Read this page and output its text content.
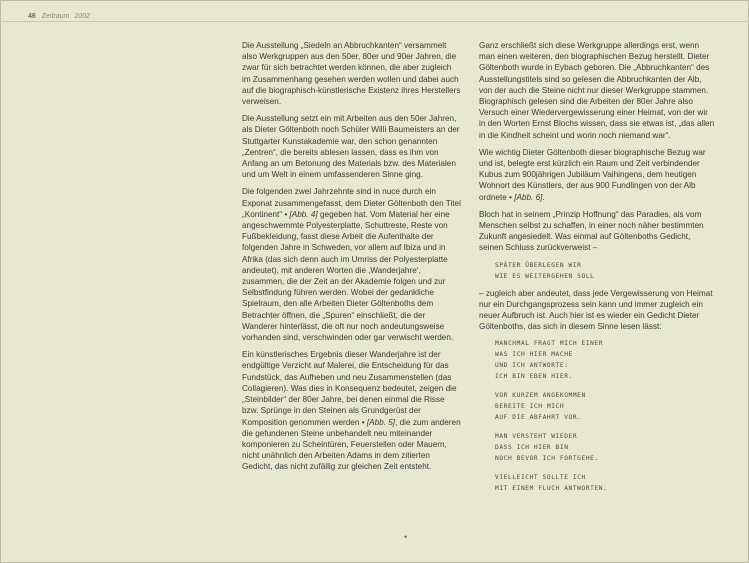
46 Zeitraum 2002

Die Ausstellung „Siedeln an Abbruchkanten“ versammelt also Werkgruppen aus den 50er, 80er und 90er Jahren, die zwar für sich betrachtet werden können, die aber zugleich im Zusammenhang gesehen werden wollen und dabei auch auf die biographisch-künstlerische Existenz ihres Herstellers verweisen.

Die Ausstellung setzt ein mit Arbeiten aus den 50er Jahren, als Dieter Göltenboth noch Schüler Willi Baumeisters an der Stuttgarter Kunstakademie war, den schon genannten „Zentren“, die bereits ablesen lassen, dass es ihm von Anfang an um Betonung des Materials bzw. des Materialen und um Welt in einem umfassenderen Sinne ging.

Die folgenden zwei Jahrzehnte sind in nuce durch ein Exponat zusammengefasst, dem Dieter Göltenboth den Titel „Kontinent“ • [Abb. 4] gegeben hat. Vom Material her eine angeschwemmte Polyesterplatte, Schuttreste, Reste von Fußbekleidung, fasst diese Arbeit die Aufenthalte der folgenden Jahre in Schweden, vor allem auf Ibiza und in Afrika (das sich denn auch im Umriss der Polyesterplatte andeutet), mit anderen Worten die ‚Wanderjahre‘, zusammen, die der Zeit an der Akademie folgen und zur Selbstfindung führen werden. Wobei der gedankliche Spielraum, den alle Arbeiten Dieter Göltenboths dem Betrachter öffnen, die „Spuren“ einschließt, die der Wanderer hinterlässt, die oft nur noch andeutungsweise vorhanden sind, verschwinden oder gar verwischt werden.

Ein künstlerisches Ergebnis dieser Wanderjahre ist der endgültige Verzicht auf Malerei, die Entscheidung für das Fundstück, das Aufheben und neu Zusammenstellen (das Collagieren). Was dies in Konsequenz bedeutet, zeigen die „Steinbilder“ der 80er Jahre, bei denen einmal die Risse bzw. Sprünge in den Steinen als Grundgerüst der Komposition genommen werden • [Abb. 5], die zum anderen die gefundenen Steine unbehandelt neu miteinander komponieren zu Scheintüren, Feuerstellen oder Mauern, nicht unähnlich den Arbeiten Adams in dem zitierten Gedicht, das nicht zufällig zur gleichen Zeit entsteht.

Ganz erschließt sich diese Werkgruppe allerdings erst, wenn man einen weiteren, den biographischen Bezug herstellt. Dieter Göltenboth wurde in Eybach geboren. Die „Abbruchkanten“ des Ausstellungstitels sind so gelesen die Abbruchkanten der Alb, von der auch die Steine nicht nur dieser Werkgruppe stammen. Biographisch gelesen sind die Arbeiten der 80er Jahre also Versuch einer Wiedervergewisserung einer Heimat, von der wir in den Worten Ernst Blochs wissen, dass sie etwas ist, „das allen in die Kindheit scheint und worin noch niemand war“.

Wie wichtig Dieter Göltenboth dieser biographische Bezug war und ist, belegte erst kürzlich ein Raum und Zeit verbindender Kubus zum 900jährigen Jubiläum Vaihingens, dem heutigen Wohnort des Künstlers, der aus 900 Fundlingen von der Alb ordnete • [Abb. 6].

Bloch hat in seinem „Prinzip Hoffnung“ das Paradies, als vom Menschen selbst zu schaffen, in einer noch näher bestimmten Zukunft angesiedelt. Was einmal auf Göltenboths Gedicht, seinen Schluss zurückverweist –

SPÄTER ÜBERLEGEN WIR
WIE ES WEITERGEHEN SOLL

– zugleich aber andeutet, dass jede Vergewisserung von Heimat nur ein Durchgangsprozess sein kann und immer zugleich ein neuer Aufbruch ist. Auch hier ist es wieder ein Gedicht Dieter Göltenboths, das sich in diesem Sinne lesen lässt:

MANCHMAL FRAGT MICH EINER
WAS ICH HIER MACHE
UND ICH ANTWORTE:
ICH BIN EBEN HIER.
VOR KURZEM ANGEKOMMEN
BEREITE ICH MICH
AUF DIE ABFAHRT VOR.
MAN VERSTEHT WIEDER
DASS ICH HIER BIN
NOCH BEVOR ICH FORTGEHE.
VIELLEICHT SOLLTE ICH
MIT EINEM FLUCH ANTWORTEN.
•
